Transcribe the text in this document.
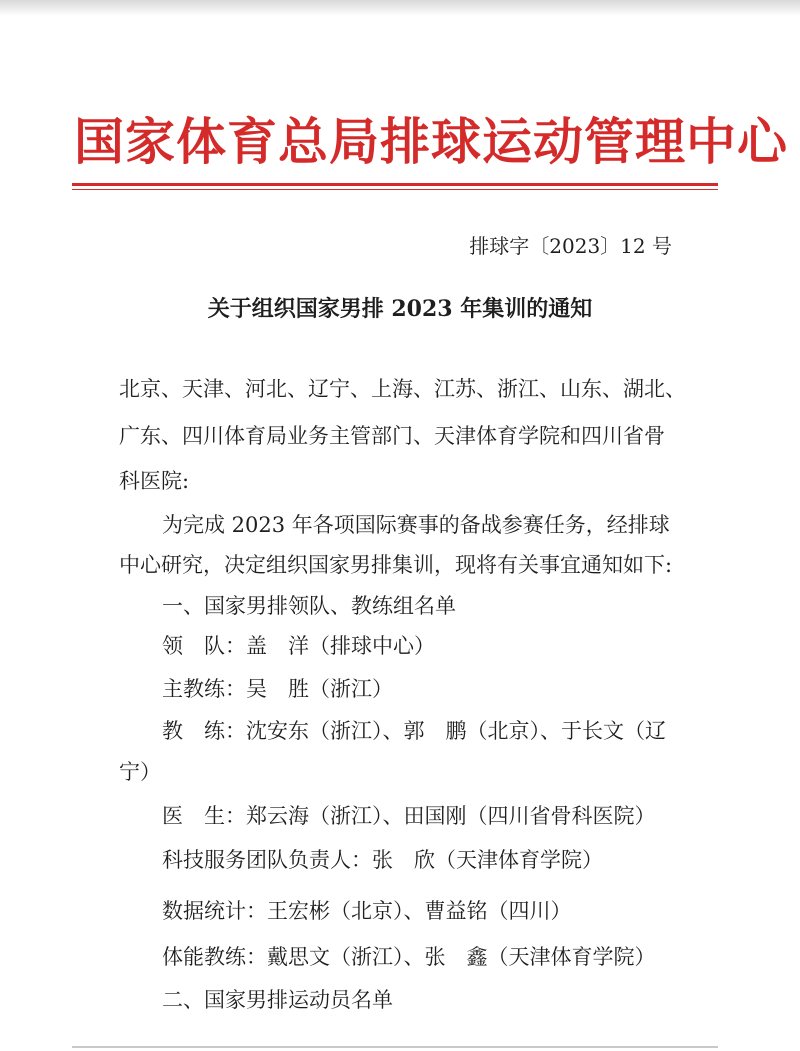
国家体育总局排球运动管理中心
排球字〔2023〕12 号
关于组织国家男排 2023 年集训的通知
北京、天津、河北、辽宁、上海、江苏、浙江、山东、湖北、
广东、四川体育局业务主管部门、天津体育学院和四川省骨
科医院:
为完成 2023 年各项国际赛事的备战参赛任务，经排球
中心研究，决定组织国家男排集训，现将有关事宜通知如下:
一、国家男排领队、教练组名单
领　队：盖　洋（排球中心）
主教练：吴　胜（浙江）
教　练：沈安东（浙江）、郭　鹏（北京）、于长文（辽
宁）
医　生：郑云海（浙江）、田国刚（四川省骨科医院）
科技服务团队负责人：张　欣（天津体育学院）
数据统计：王宏彬（北京）、曹益铭（四川）
体能教练：戴思文（浙江）、张　鑫（天津体育学院）
二、国家男排运动员名单
